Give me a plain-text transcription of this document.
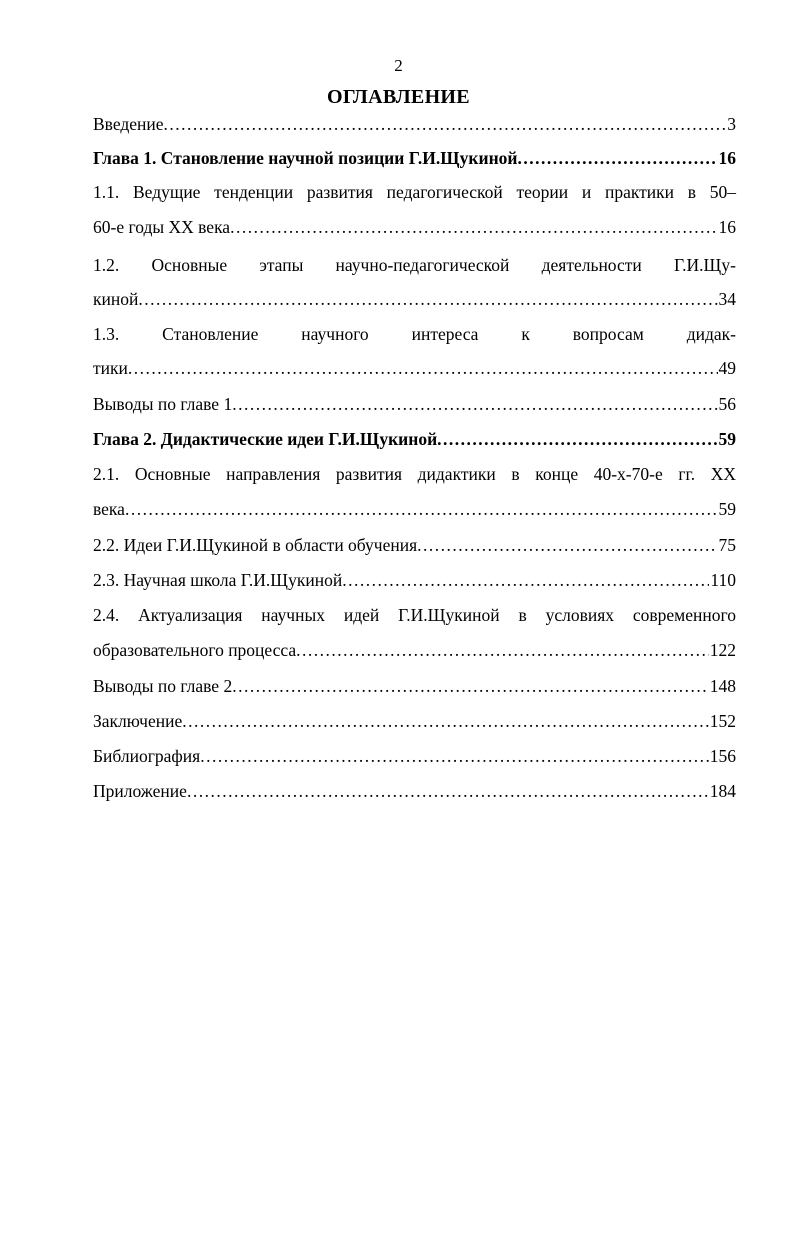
2
ОГЛАВЛЕНИЕ
Введение .....	3
Глава 1. Становление научной позиции Г.И.Щукиной .....	16
1.1. Ведущие тенденции развития педагогической теории и практики в 50–
60-е годы XX века .....	16
1.2. Основные этапы научно-педагогической деятельности Г.И.Щу-
киной .....	34
1.3. Становление научного интереса к вопросам дидак-
тики .....	49
Выводы по главе 1 .....	56
Глава 2. Дидактические идеи Г.И.Щукиной .....	59
2.1. Основные направления развития дидактики в конце 40-х-70-е гг. XX
века .....	59
2.2. Идеи Г.И.Щукиной в области обучения .....	75
2.3. Научная школа Г.И.Щукиной .....	110
2.4. Актуализация научных идей Г.И.Щукиной в условиях современного
образовательного процесса .....	122
Выводы по главе 2 .....	148
Заключение .....	152
Библиография .....	156
Приложение .....	184
